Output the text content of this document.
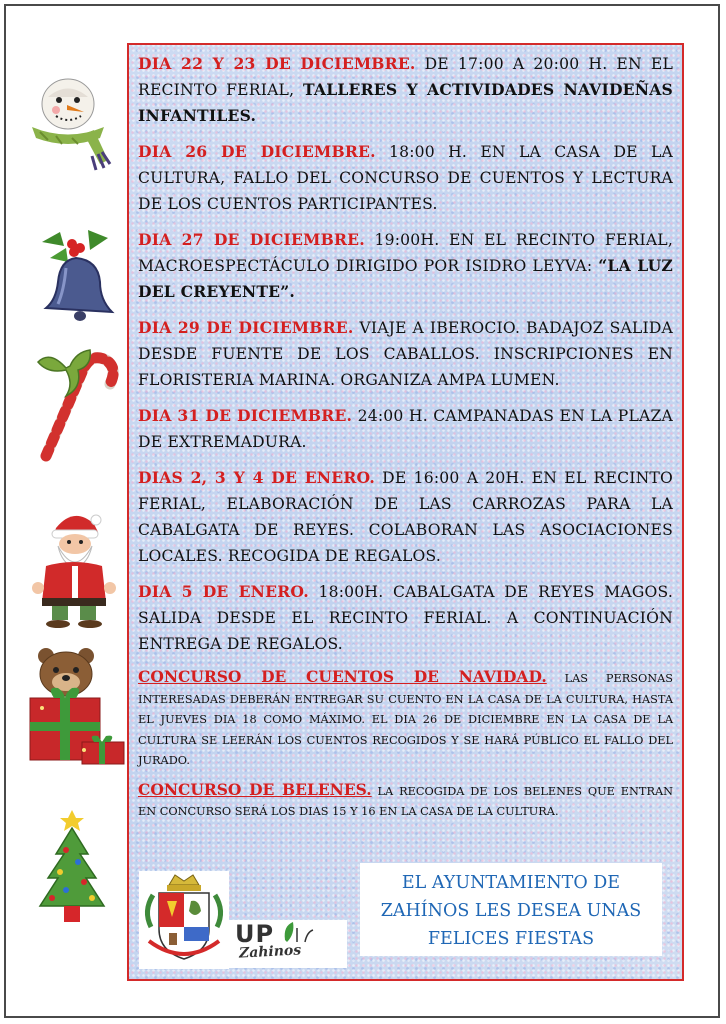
DIA 22 Y 23 DE DICIEMBRE. DE 17:00 A 20:00 H. EN EL RECINTO FERIAL, TALLERES Y ACTIVIDADES NAVIDEÑAS INFANTILES.

DIA 26 DE DICIEMBRE. 18:00 H. EN LA CASA DE LA CULTURA, FALLO DEL CONCURSO DE CUENTOS Y LECTURA DE LOS CUENTOS PARTICIPANTES.

DIA 27 DE DICIEMBRE. 19:00H. EN EL RECINTO FERIAL, MACROESPECTÁCULO DIRIGIDO POR ISIDRO LEYVA: “LA LUZ DEL CREYENTE”.

DIA 29 DE DICIEMBRE. VIAJE A IBEROCIO. BADAJOZ SALIDA DESDE FUENTE DE LOS CABALLOS. INSCRIPCIONES EN FLORISTERIA MARINA. ORGANIZA AMPA LUMEN.

DIA 31 DE DICIEMBRE. 24:00 H. CAMPANADAS EN LA PLAZA DE EXTREMADURA.

DIAS 2, 3 Y 4 DE ENERO. DE 16:00 A 20H. EN EL RECINTO FERIAL, ELABORACIÓN DE LAS CARROZAS PARA LA CABALGATA DE REYES. COLABORAN LAS ASOCIACIONES LOCALES. RECOGIDA DE REGALOS.

DIA 5 DE ENERO. 18:00H. CABALGATA DE REYES MAGOS. SALIDA DESDE EL RECINTO FERIAL. A CONTINUACIÓN ENTREGA DE REGALOS.

CONCURSO DE CUENTOS DE NAVIDAD. LAS PERSONAS INTERESADAS DEBERÁN ENTREGAR SU CUENTO EN LA CASA DE LA CULTURA, HASTA EL JUEVES DIA 18 COMO MÁXIMO. EL DIA 26 DE DICIEMBRE EN LA CASA DE LA CULTURA SE LEERÁN LOS CUENTOS RECOGIDOS Y SE HARÁ PÚBLICO EL FALLO DEL JURADO.

CONCURSO DE BELENES. LA RECOGIDA DE LOS BELENES QUE ENTRAN EN CONCURSO SERÁ LOS DIAS 15 Y 16 EN LA CASA DE LA CULTURA.

UP
Zahinos
EL AYUNTAMIENTO DE
ZAHÍNOS LES DESEA UNAS
FELICES FIESTAS
